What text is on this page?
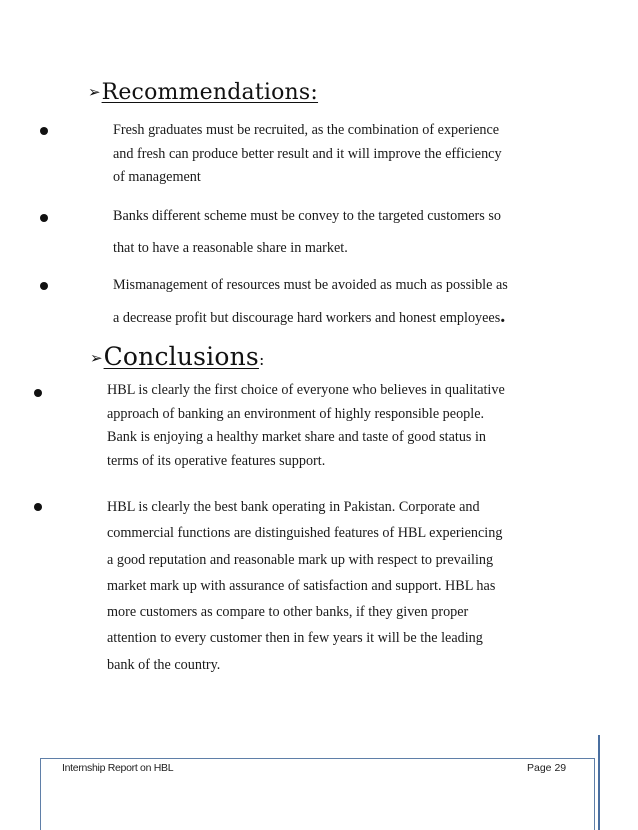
➢Recommendations:
Fresh graduates must be recruited, as the combination of experience
and fresh can produce better result and it will improve the efficiency
of management
Banks different scheme must be convey to the targeted customers so
that to have a reasonable share in market.
Mismanagement of resources must be avoided as much as possible as
a decrease profit but discourage hard workers and honest employees.
➢Conclusions:
HBL is clearly the first choice of everyone who believes in qualitative
approach of banking an environment of highly responsible people.
Bank is enjoying a healthy market share and taste of good status in
terms of its operative features support.
HBL is clearly the best bank operating in Pakistan. Corporate and
commercial functions are distinguished features of HBL experiencing
a good reputation and reasonable mark up with respect to prevailing
market mark up with assurance of satisfaction and support. HBL has
more customers as compare to other banks, if they given proper
attention to every customer then in few years it will be the leading
bank of the country.
Internship Report on HBL	Page 29
